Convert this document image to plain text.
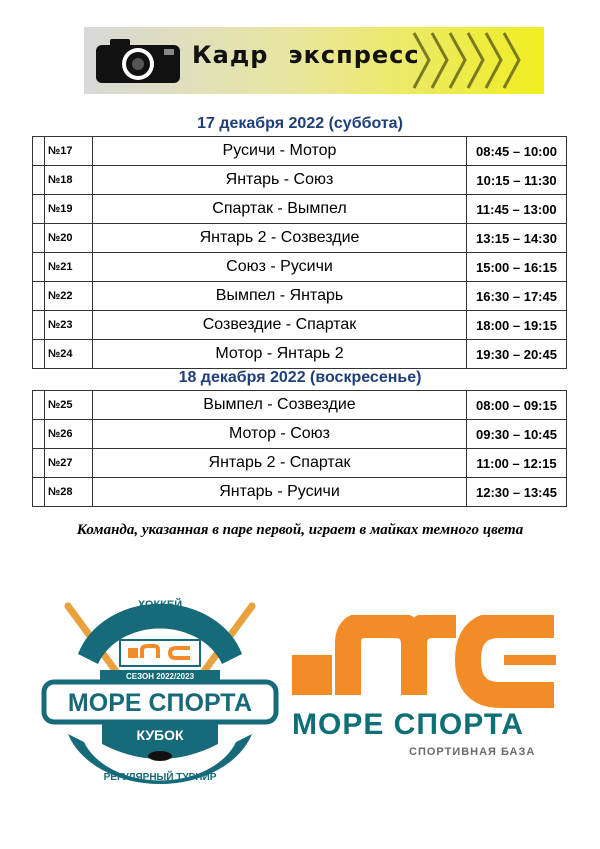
Кадр экспресс
17 декабря 2022 (суббота)
	№17	Русичи - Мотор	08:45 – 10:00
	№18	Янтарь - Союз	10:15 – 11:30
	№19	Спартак - Вымпел	11:45 – 13:00
	№20	Янтарь 2 - Созвездие	13:15 – 14:30
	№21	Союз - Русичи	15:00 – 16:15
	№22	Вымпел - Янтарь	16:30 – 17:45
	№23	Созвездие - Спартак	18:00 – 19:15
	№24	Мотор - Янтарь 2	19:30 – 20:45
18 декабря 2022 (воскресенье)
	№25	Вымпел - Созвездие	08:00 – 09:15
	№26	Мотор - Союз	09:30 – 10:45
	№27	Янтарь 2 - Спартак	11:00 – 12:15
	№28	Янтарь - Русичи	12:30 – 13:45
Команда, указанная в паре первой, играет в майках темного цвета
ХОККЕЙ
СЕЗОН 2022/2023
МОРЕ СПОРТА
КУБОК
РЕГУЛЯРНЫЙ ТУРНИР
МОРЕ СПОРТА
СПОРТИВНАЯ БАЗА
